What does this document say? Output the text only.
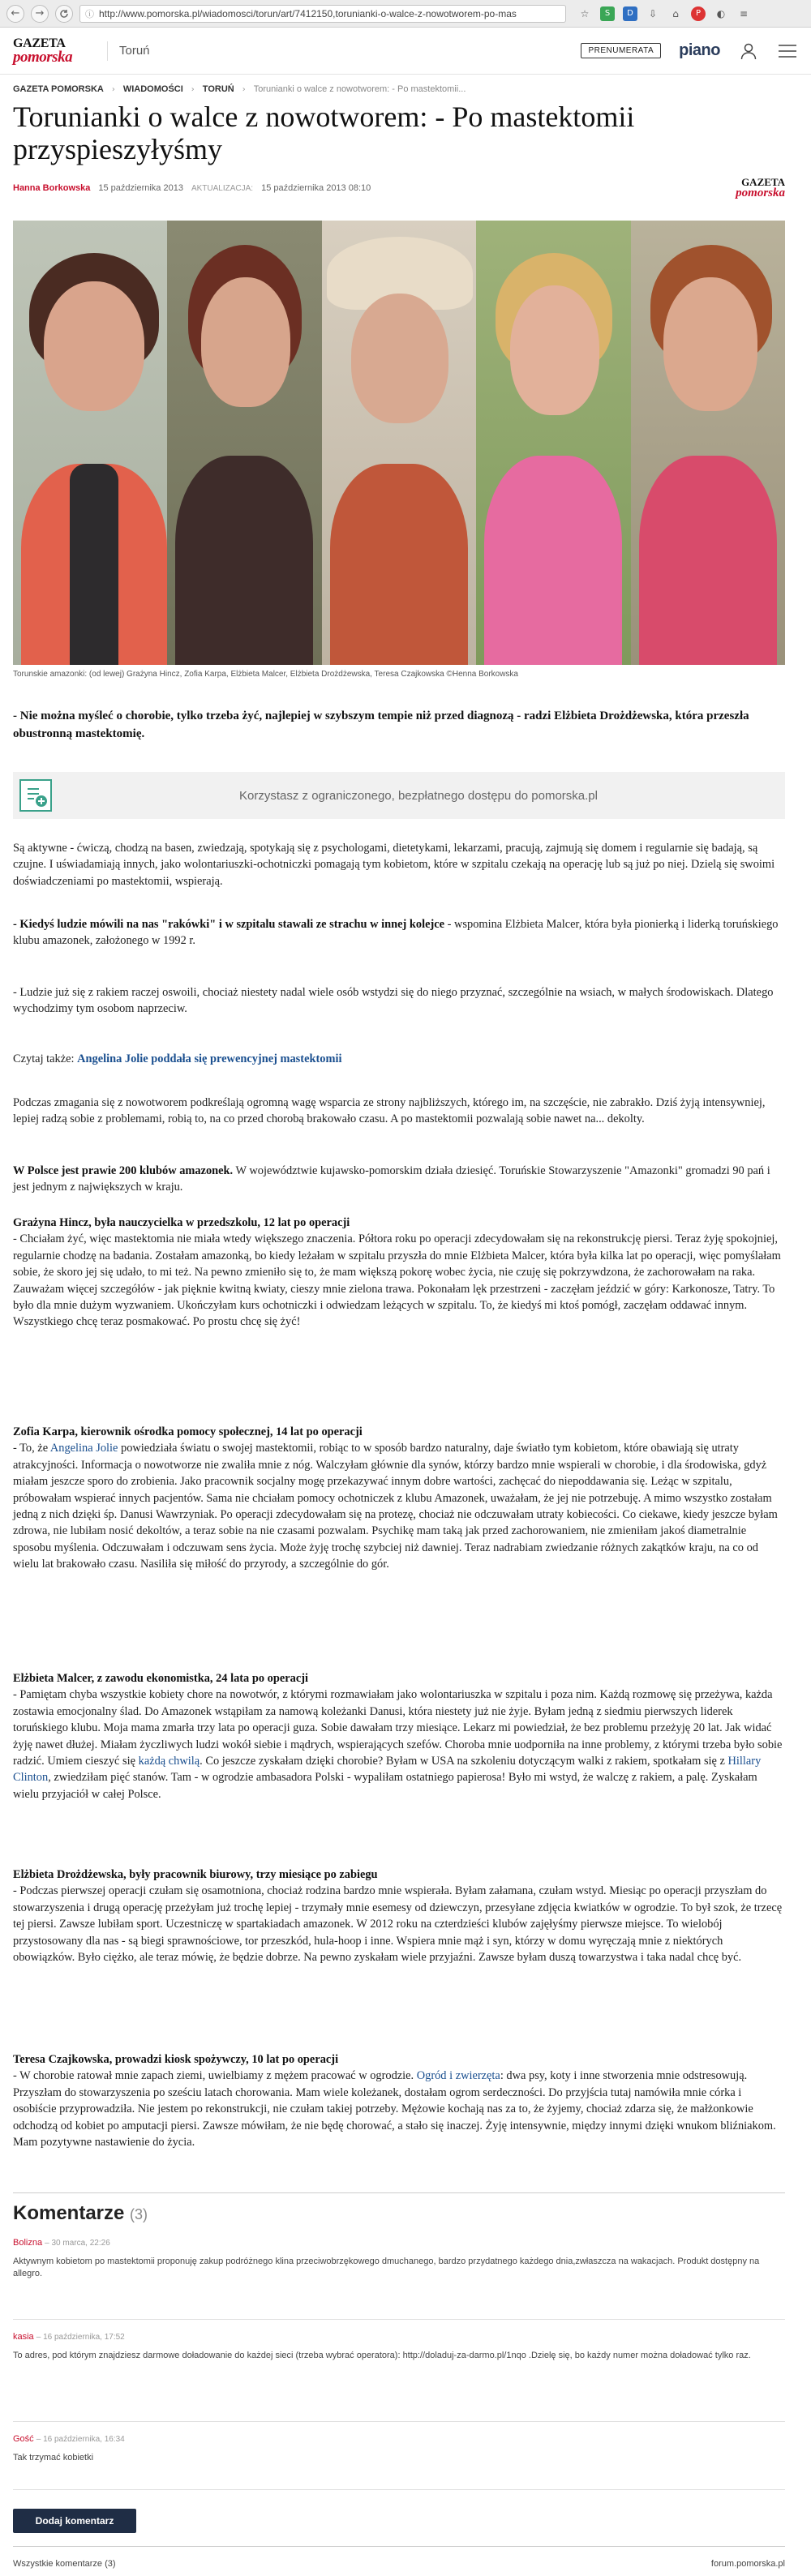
←	→	ⓘ http://www.pomorska.pl/wiadomosci/torun/art/7412150,torunianki-o-walce-z-nowotworem-po-mas	☆	S	D	⇩	⌂	P	◐	≡
GAZETA
pomorska	Toruń	PRENUMERATA	piano
GAZETA POMORSKA › WIADOMOŚCI › TORUŃ › Torunianki o walce z nowotworem: - Po mastektomii...
Torunianki o walce z nowotworem: - Po mastektomii przyspieszyłyśmy
Hanna Borkowska 15 października 2013 AKTUALIZACJA: 15 października 2013 08:10	GAZETA
pomorska
Torunskie amazonki: (od lewej) Grażyna Hincz, Zofia Karpa, Elżbieta Malcer, Elżbieta Drożdżewska, Teresa Czajkowska ©Henna Borkowska
- Nie można myśleć o chorobie, tylko trzeba żyć, najlepiej w szybszym tempie niż przed diagnozą - radzi Elżbieta Drożdżewska, która przeszła obustronną mastektomię.
Korzystasz z ograniczonego, bezpłatnego dostępu do pomorska.pl
Są aktywne - ćwiczą, chodzą na basen, zwiedzają, spotykają się z psychologami, dietetykami, lekarzami, pracują, zajmują się domem i regularnie się badają, są czujne. I uświadamiają innych, jako wolontariuszki-ochotniczki pomagają tym kobietom, które w szpitalu czekają na operację lub są już po niej. Dzielą się swoimi doświadczeniami po mastektomii, wspierają.
- Kiedyś ludzie mówili na nas "rakówki" i w szpitalu stawali ze strachu w innej kolejce - wspomina Elżbieta Malcer, która była pionierką i liderką toruńskiego klubu amazonek, założonego w 1992 r.
- Ludzie już się z rakiem raczej oswoili, chociaż niestety nadal wiele osób wstydzi się do niego przyznać, szczególnie na wsiach, w małych środowiskach. Dlatego wychodzimy tym osobom naprzeciw.
Czytaj także: Angelina Jolie poddała się prewencyjnej mastektomii
Podczas zmagania się z nowotworem podkreślają ogromną wagę wsparcia ze strony najbliższych, którego im, na szczęście, nie zabrakło. Dziś żyją intensywniej, lepiej radzą sobie z problemami, robią to, na co przed chorobą brakowało czasu. A po mastektomii pozwalają sobie nawet na... dekolty.
W Polsce jest prawie 200 klubów amazonek. W województwie kujawsko-pomorskim działa dziesięć. Toruńskie Stowarzyszenie "Amazonki" gromadzi 90 pań i jest jednym z największych w kraju.
Grażyna Hincz, była nauczycielka w przedszkolu, 12 lat po operacji
- Chciałam żyć, więc mastektomia nie miała wtedy większego znaczenia. Półtora roku po operacji zdecydowałam się na rekonstrukcję piersi. Teraz żyję spokojniej, regularnie chodzę na badania. Zostałam amazonką, bo kiedy leżałam w szpitalu przyszła do mnie Elżbieta Malcer, która była kilka lat po operacji, więc pomyślałam sobie, że skoro jej się udało, to mi też. Na pewno zmieniło się to, że mam większą pokorę wobec życia, nie czuję się pokrzywdzona, że zachorowałam na raka. Zauważam więcej szczegółów - jak pięknie kwitną kwiaty, cieszy mnie zielona trawa. Pokonałam lęk przestrzeni - zaczęłam jeździć w góry: Karkonosze, Tatry. To było dla mnie dużym wyzwaniem. Ukończyłam kurs ochotniczki i odwiedzam leżących w szpitalu. To, że kiedyś mi ktoś pomógł, zaczęłam oddawać innym. Wszystkiego chcę teraz posmakować. Po prostu chcę się żyć!
Zofia Karpa, kierownik ośrodka pomocy społecznej, 14 lat po operacji
- To, że Angelina Jolie powiedziała światu o swojej mastektomii, robiąc to w sposób bardzo naturalny, daje światło tym kobietom, które obawiają się utraty atrakcyjności. Informacja o nowotworze nie zwaliła mnie z nóg. Walczyłam głównie dla synów, którzy bardzo mnie wspierali w chorobie, i dla środowiska, gdyż miałam jeszcze sporo do zrobienia. Jako pracownik socjalny mogę przekazywać innym dobre wartości, zachęcać do niepoddawania się. Leżąc w szpitalu, próbowałam wspierać innych pacjentów. Sama nie chciałam pomocy ochotniczek z klubu Amazonek, uważałam, że jej nie potrzebuję. A mimo wszystko zostałam jedną z nich dzięki śp. Danusi Wawrzyniak. Po operacji zdecydowałam się na protezę, chociaż nie odczuwałam utraty kobiecości. Co ciekawe, kiedy jeszcze byłam zdrowa, nie lubiłam nosić dekoltów, a teraz sobie na nie czasami pozwalam. Psychikę mam taką jak przed zachorowaniem, nie zmieniłam jakoś diametralnie sposobu myślenia. Odczuwałam i odczuwam sens życia. Może żyję trochę szybciej niż dawniej. Teraz nadrabiam zwiedzanie różnych zakątków kraju, na co od wielu lat brakowało czasu. Nasiliła się miłość do przyrody, a szczególnie do gór.
Elżbieta Malcer, z zawodu ekonomistka, 24 lata po operacji
- Pamiętam chyba wszystkie kobiety chore na nowotwór, z którymi rozmawiałam jako wolontariuszka w szpitalu i poza nim. Każdą rozmowę się przeżywa, każda zostawia emocjonalny ślad. Do Amazonek wstąpiłam za namową koleżanki Danusi, która niestety już nie żyje. Byłam jedną z siedmiu pierwszych liderek toruńskiego klubu. Moja mama zmarła trzy lata po operacji guza. Sobie dawałam trzy miesiące. Lekarz mi powiedział, że bez problemu przeżyję 20 lat. Jak widać żyję nawet dłużej. Miałam życzliwych ludzi wokół siebie i mądrych, wspierających szefów. Choroba mnie uodporniła na inne problemy, z którymi trzeba było sobie radzić. Umiem cieszyć się każdą chwilą. Co jeszcze zyskałam dzięki chorobie? Byłam w USA na szkoleniu dotyczącym walki z rakiem, spotkałam się z Hillary Clinton, zwiedziłam pięć stanów. Tam - w ogrodzie ambasadora Polski - wypaliłam ostatniego papierosa! Było mi wstyd, że walczę z rakiem, a palę. Zyskałam wielu przyjaciół w całej Polsce.
Elżbieta Drożdżewska, były pracownik biurowy, trzy miesiące po zabiegu
- Podczas pierwszej operacji czułam się osamotniona, chociaż rodzina bardzo mnie wspierała. Byłam załamana, czułam wstyd. Miesiąc po operacji przyszłam do stowarzyszenia i drugą operację przeżyłam już trochę lepiej - trzymały mnie esemesy od dziewczyn, przesyłane zdjęcia kwiatków w ogrodzie. To był szok, że trzecę tej piersi. Zawsze lubiłam sport. Uczestniczę w spartakiadach amazonek. W 2012 roku na czterdzieści klubów zajęłyśmy pierwsze miejsce. To wielobój przystosowany dla nas - są biegi sprawnościowe, tor przeszkód, hula-hoop i inne. Wspiera mnie mąż i syn, którzy w domu wyręczają mnie z niektórych obowiązków. Było ciężko, ale teraz mówię, że będzie dobrze. Na pewno zyskałam wiele przyjaźni. Zawsze byłam duszą towarzystwa i taka nadal chcę być.
Teresa Czajkowska, prowadzi kiosk spożywczy, 10 lat po operacji
- W chorobie ratował mnie zapach ziemi, uwielbiamy z mężem pracować w ogrodzie. Ogród i zwierzęta: dwa psy, koty i inne stworzenia mnie odstresowują. Przyszłam do stowarzyszenia po sześciu latach chorowania. Mam wiele koleżanek, dostałam ogrom serdeczności. Do przyjścia tutaj namówiła mnie córka i osobiście przyprowadziła. Nie jestem po rekonstrukcji, nie czułam takiej potrzeby. Mężowie kochają nas za to, że żyjemy, chociaż zdarza się, że małżonkowie odchodzą od kobiet po amputacji piersi. Zawsze mówiłam, że nie będę chorować, a stało się inaczej. Żyję intensywnie, między innymi dzięki wnukom bliźniakom. Mam pozytywne nastawienie do życia.
Komentarze (3)
Bolizna – 30 marca, 22:26
Aktywnym kobietom po mastektomii proponuję zakup podróżnego klina przeciwobrzękowego dmuchanego, bardzo przydatnego każdego dnia,zwłaszcza na wakacjach. Produkt dostępny na allegro.
kasia – 16 października, 17:52
To adres, pod którym znajdziesz darmowe doładowanie do każdej sieci (trzeba wybrać operatora): http://doladuj-za-darmo.pl/1nqo .Dzielę się, bo każdy numer można doładować tylko raz.
Gość – 16 października, 16:34
Tak trzymać kobietki
Dodaj komentarz
Wszystkie komentarze (3)	forum.pomorska.pl
